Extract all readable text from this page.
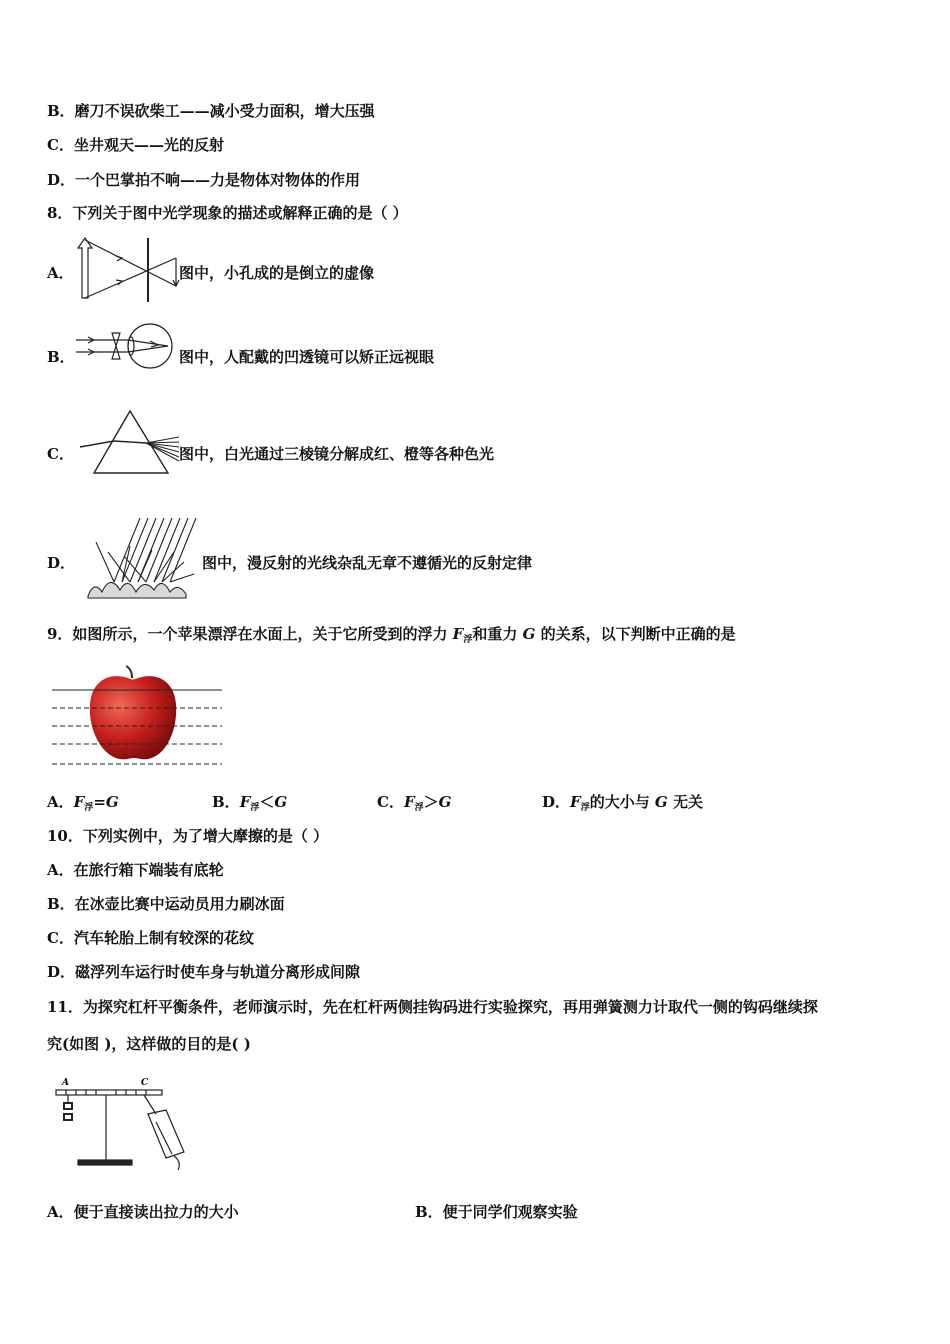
B．磨刀不误砍柴工——减小受力面积，增大压强
C．坐井观天——光的反射
D．一个巴掌拍不响——力是物体对物体的作用
8．下列关于图中光学现象的描述或解释正确的是（ ）
A．	图中，小孔成的是倒立的虚像
B．	图中，人配戴的凹透镜可以矫正远视眼
C．	图中，白光通过三棱镜分解成红、橙等各种色光
D．	图中，漫反射的光线杂乱无章不遵循光的反射定律
9．如图所示，一个苹果漂浮在水面上，关于它所受到的浮力 $F_浮$和重力 G 的关系，以下判断中正确的是
A．$F_浮=G$	B．$F_浮<G$	C．$F_浮>G$	D．$F_浮$的大小与 G 无关
10．下列实例中，为了增大摩擦的是（ ）
A．在旅行箱下端装有底轮
B．在冰壶比赛中运动员用力刷冰面
C．汽车轮胎上制有较深的花纹
D．磁浮列车运行时使车身与轨道分离形成间隙
11．为探究杠杆平衡条件，老师演示时，先在杠杆两侧挂钩码进行实验探究，再用弹簧测力计取代一侧的钩码继续探
究(如图 )，这样做的目的是( )
A	C
A．便于直接读出拉力的大小	B．便于同学们观察实验
